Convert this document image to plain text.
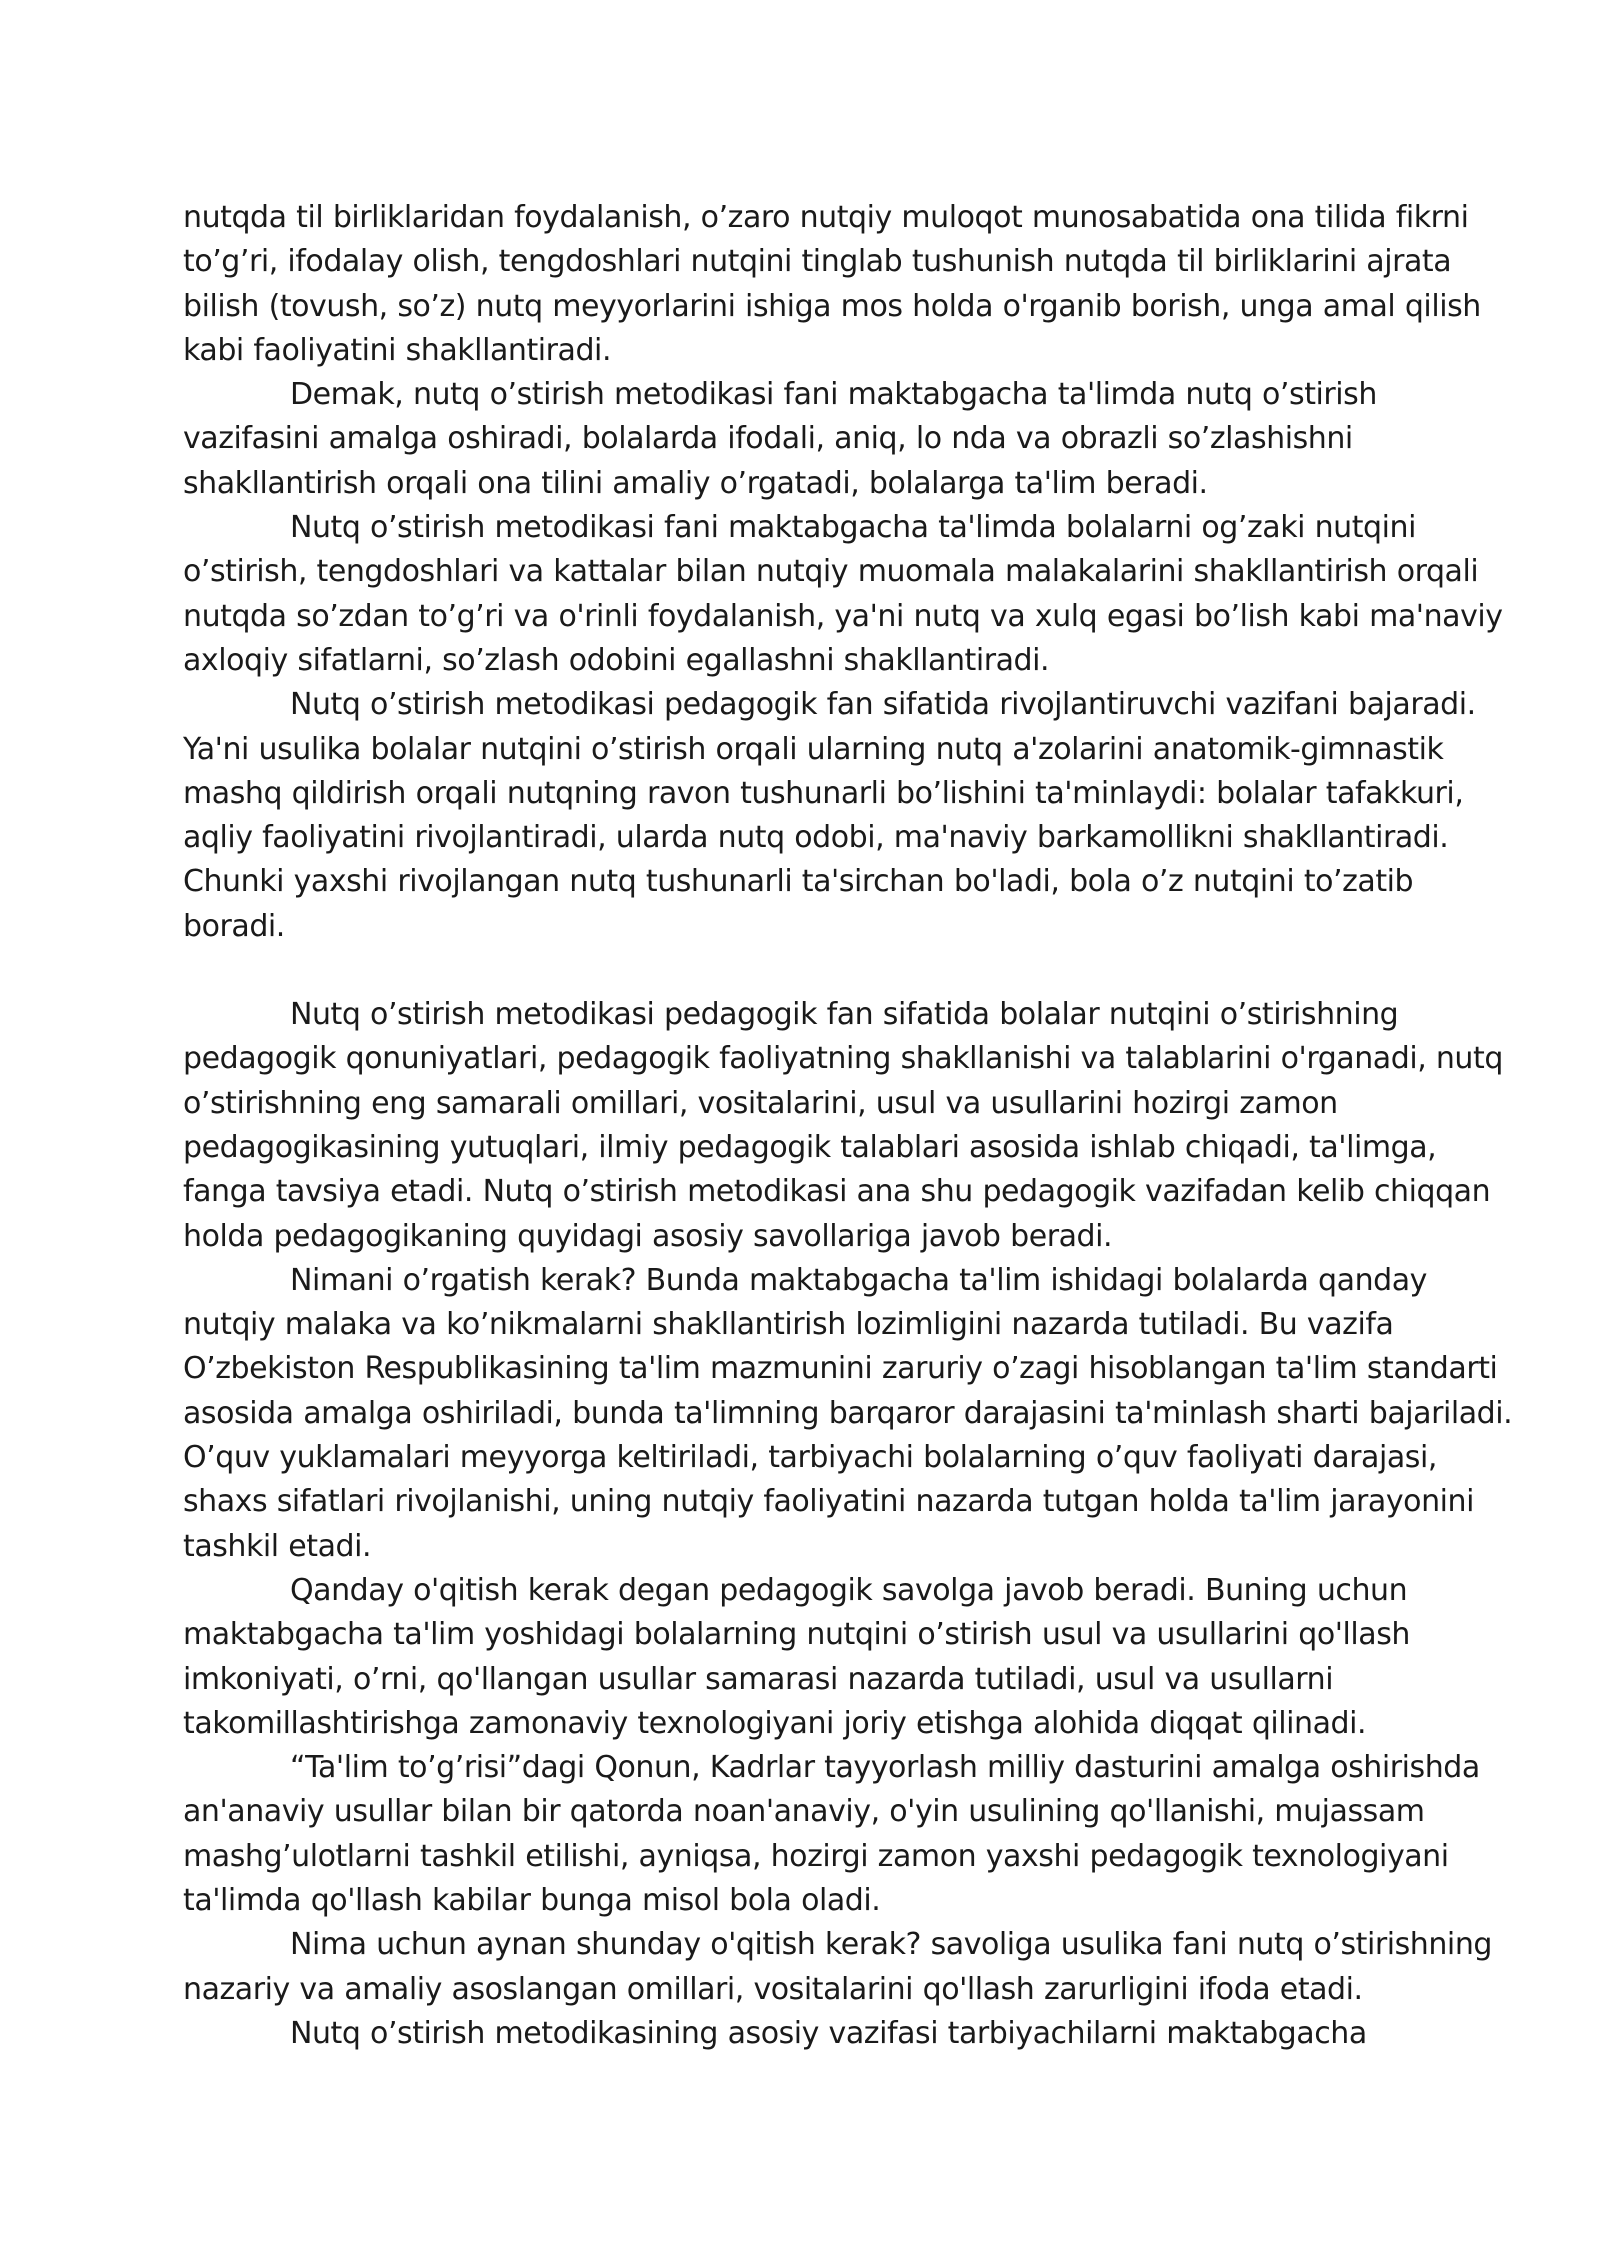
nutqda til birliklaridan foydalanish, o’zaro nutqiy muloqot munosabatida ona tilida fikrni to’g’ri, ifodalay olish, tengdoshlari nutqini tinglab tushunish nutqda til birliklarini ajrata bilish (tovush, so’z) nutq meyyorlarini ishiga mos holda o'rganib borish, unga amal qilish kabi faoliyatini shakllantiradi.

Demak, nutq o’stirish metodikasi fani maktabgacha ta'limda nutq o’stirish vazifasini amalga oshiradi, bolalarda ifodali, aniq, lo nda va obrazli so’zlashishni shakllantirish orqali ona tilini amaliy o’rgatadi, bolalarga ta'lim beradi.

Nutq o’stirish metodikasi fani maktabgacha ta'limda bolalarni og’zaki nutqini o’stirish, tengdoshlari va kattalar bilan nutqiy muomala malakalarini shakllantirish orqali nutqda so’zdan to’g’ri va o'rinli foydalanish, ya'ni nutq va xulq egasi bo’lish kabi ma'naviy axloqiy sifatlarni, so’zlash odobini egallashni shakllantiradi.

Nutq o’stirish metodikasi pedagogik fan sifatida rivojlantiruvchi vazifani bajaradi. Ya'ni usulika bolalar nutqini o’stirish orqali ularning nutq a'zolarini anatomik-gimnastik mashq qildirish orqali nutqning ravon tushunarli bo’lishini ta'minlaydi: bolalar tafakkuri, aqliy faoliyatini rivojlantiradi, ularda nutq odobi, ma'naviy barkamollikni shakllantiradi. Chunki yaxshi rivojlangan nutq tushunarli ta'sirchan bo'ladi, bola o’z nutqini to’zatib boradi.

Nutq o’stirish metodikasi pedagogik fan sifatida bolalar nutqini o’stirishning pedagogik qonuniyatlari, pedagogik faoliyatning shakllanishi va talablarini o'rganadi, nutq o’stirishning eng samarali omillari, vositalarini, usul va usullarini hozirgi zamon pedagogikasining yutuqlari, ilmiy pedagogik talablari asosida ishlab chiqadi, ta'limga, fanga tavsiya etadi. Nutq o’stirish metodikasi ana shu pedagogik vazifadan kelib chiqqan holda pedagogikaning quyidagi asosiy savollariga javob beradi.

Nimani o’rgatish kerak? Bunda maktabgacha ta'lim ishidagi bolalarda qanday nutqiy malaka va ko’nikmalarni shakllantirish lozimligini nazarda tutiladi. Bu vazifa O’zbekiston Respublikasining ta'lim mazmunini zaruriy o’zagi hisoblangan ta'lim standarti asosida amalga oshiriladi, bunda ta'limning barqaror darajasini ta'minlash sharti bajariladi. O’quv yuklamalari meyyorga keltiriladi, tarbiyachi bolalarning o’quv faoliyati darajasi, shaxs sifatlari rivojlanishi, uning nutqiy faoliyatini nazarda tutgan holda ta'lim jarayonini tashkil etadi.

Qanday o'qitish kerak degan pedagogik savolga javob beradi. Buning uchun maktabgacha ta'lim yoshidagi bolalarning nutqini o’stirish usul va usullarini qo'llash imkoniyati, o’rni, qo'llangan usullar samarasi nazarda tutiladi, usul va usullarni takomillashtirishga zamonaviy texnologiyani joriy etishga alohida diqqat qilinadi.

“Ta'lim to’g’risi”dagi Qonun, Kadrlar tayyorlash milliy dasturini amalga oshirishda an'anaviy usullar bilan bir qatorda noan'anaviy, o'yin usulining qo'llanishi, mujassam mashg’ulotlarni tashkil etilishi, ayniqsa, hozirgi zamon yaxshi pedagogik texnologiyani ta'limda qo'llash kabilar bunga misol bola oladi.

Nima uchun aynan shunday o'qitish kerak? savoliga usulika fani nutq o’stirishning nazariy va amaliy asoslangan omillari, vositalarini qo'llash zarurligini ifoda etadi.

Nutq o’stirish metodikasining asosiy vazifasi tarbiyachilarni maktabgacha
